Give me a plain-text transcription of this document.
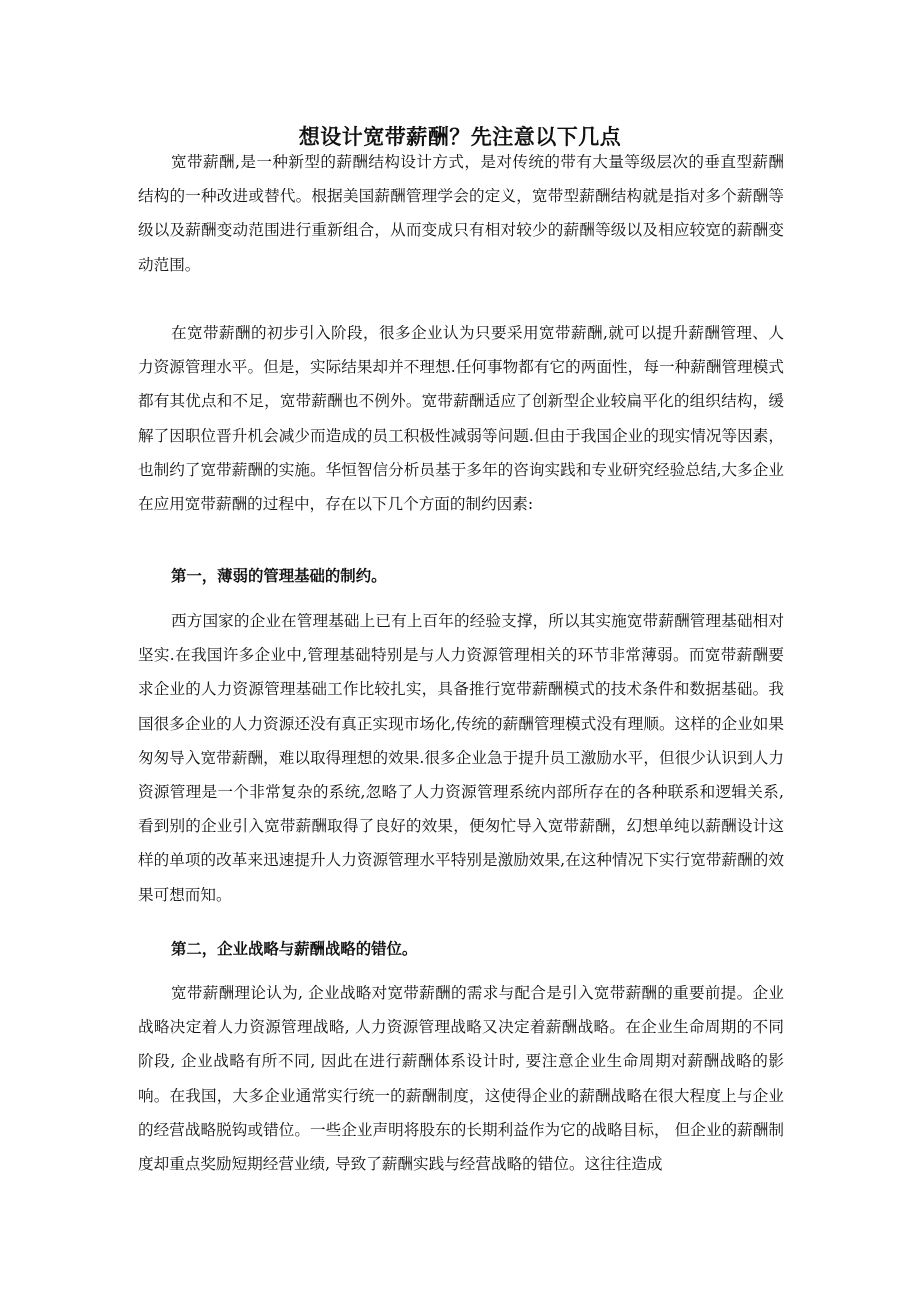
想设计宽带薪酬？先注意以下几点

宽带薪酬,是一种新型的薪酬结构设计方式，是对传统的带有大量等级层次的垂直型薪酬结构的一种改进或替代。根据美国薪酬管理学会的定义，宽带型薪酬结构就是指对多个薪酬等级以及薪酬变动范围进行重新组合，从而变成只有相对较少的薪酬等级以及相应较宽的薪酬变动范围。

在宽带薪酬的初步引入阶段，很多企业认为只要采用宽带薪酬,就可以提升薪酬管理、人力资源管理水平。但是，实际结果却并不理想.任何事物都有它的两面性，每一种薪酬管理模式都有其优点和不足，宽带薪酬也不例外。宽带薪酬适应了创新型企业较扁平化的组织结构，缓解了因职位晋升机会减少而造成的员工积极性减弱等问题.但由于我国企业的现实情况等因素，也制约了宽带薪酬的实施。华恒智信分析员基于多年的咨询实践和专业研究经验总结,大多企业在应用宽带薪酬的过程中，存在以下几个方面的制约因素:

第一，薄弱的管理基础的制约。

西方国家的企业在管理基础上已有上百年的经验支撑，所以其实施宽带薪酬管理基础相对坚实.在我国许多企业中,管理基础特别是与人力资源管理相关的环节非常薄弱。而宽带薪酬要求企业的人力资源管理基础工作比较扎实，具备推行宽带薪酬模式的技术条件和数据基础。我国很多企业的人力资源还没有真正实现市场化,传统的薪酬管理模式没有理顺。这样的企业如果匆匆导入宽带薪酬，难以取得理想的效果.很多企业急于提升员工激励水平，但很少认识到人力资源管理是一个非常复杂的系统,忽略了人力资源管理系统内部所存在的各种联系和逻辑关系,看到别的企业引入宽带薪酬取得了良好的效果，便匆忙导入宽带薪酬，幻想单纯以薪酬设计这样的单项的改革来迅速提升人力资源管理水平特别是激励效果,在这种情况下实行宽带薪酬的效果可想而知。

第二，企业战略与薪酬战略的错位。

宽带薪酬理论认为, 企业战略对宽带薪酬的需求与配合是引入宽带薪酬的重要前提。企业战略决定着人力资源管理战略, 人力资源管理战略又决定着薪酬战略。在企业生命周期的不同阶段, 企业战略有所不同, 因此在进行薪酬体系设计时, 要注意企业生命周期对薪酬战略的影响。在我国，大多企业通常实行统一的薪酬制度，这使得企业的薪酬战略在很大程度上与企业的经营战略脱钩或错位。一些企业声明将股东的长期利益作为它的战略目标， 但企业的薪酬制度却重点奖励短期经营业绩, 导致了薪酬实践与经营战略的错位。这往往造成
